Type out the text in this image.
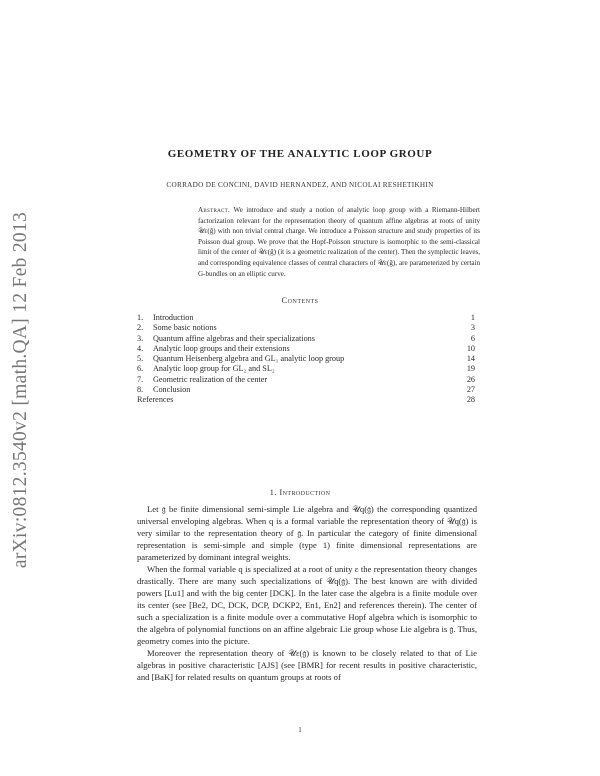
arXiv:0812.3540v2 [math.QA] 12 Feb 2013
GEOMETRY OF THE ANALYTIC LOOP GROUP
CORRADO DE CONCINI, DAVID HERNANDEZ, AND NICOLAI RESHETIKHIN
Abstract. We introduce and study a notion of analytic loop group with a Riemann-Hilbert factorization relevant for the representation theory of quantum affine algebras at roots of unity 𝒰ε(ĝ) with non trivial central charge. We introduce a Poisson structure and study properties of its Poisson dual group. We prove that the Hopf-Poisson structure is isomorphic to the semi-classical limit of the center of 𝒰ε(ĝ) (it is a geometric realization of the center). Then the symplectic leaves, and corresponding equivalence classes of central characters of 𝒰ε(ĝ), are parameterized by certain G-bundles on an elliptic curve.
Contents
1. Introduction	1
2. Some basic notions	3
3. Quantum affine algebras and their specializations	6
4. Analytic loop groups and their extensions	10
5. Quantum Heisenberg algebra and GL₁ analytic loop group	14
6. Analytic loop group for GL₂ and SL₂	19
7. Geometric realization of the center	26
8. Conclusion	27
References	28
1. Introduction

Let 𝔤 be finite dimensional semi-simple Lie algebra and 𝒰q(𝔤) the corresponding quantized universal enveloping algebras. When q is a formal variable the representation theory of 𝒰q(𝔤) is very similar to the representation theory of 𝔤. In particular the category of finite dimensional representation is semi-simple and simple (type 1) finite dimensional representations are parameterized by dominant integral weights.

When the formal variable q is specialized at a root of unity ε the representation theory changes drastically. There are many such specializations of 𝒰q(𝔤). The best known are with divided powers [Lu1] and with the big center [DCK]. In the later case the algebra is a finite module over its center (see [Be2, DC, DCK, DCP, DCKP2, En1, En2] and references therein). The center of such a specialization is a finite module over a commutative Hopf algebra which is isomorphic to the algebra of polynomial functions on an affine algebraic Lie group whose Lie algebra is 𝔤. Thus, geometry comes into the picture.

Moreover the representation theory of 𝒰ε(𝔤) is known to be closely related to that of Lie algebras in positive characteristic [AJS] (see [BMR] for recent results in positive characteristic, and [BaK] for related results on quantum groups at roots of

1
